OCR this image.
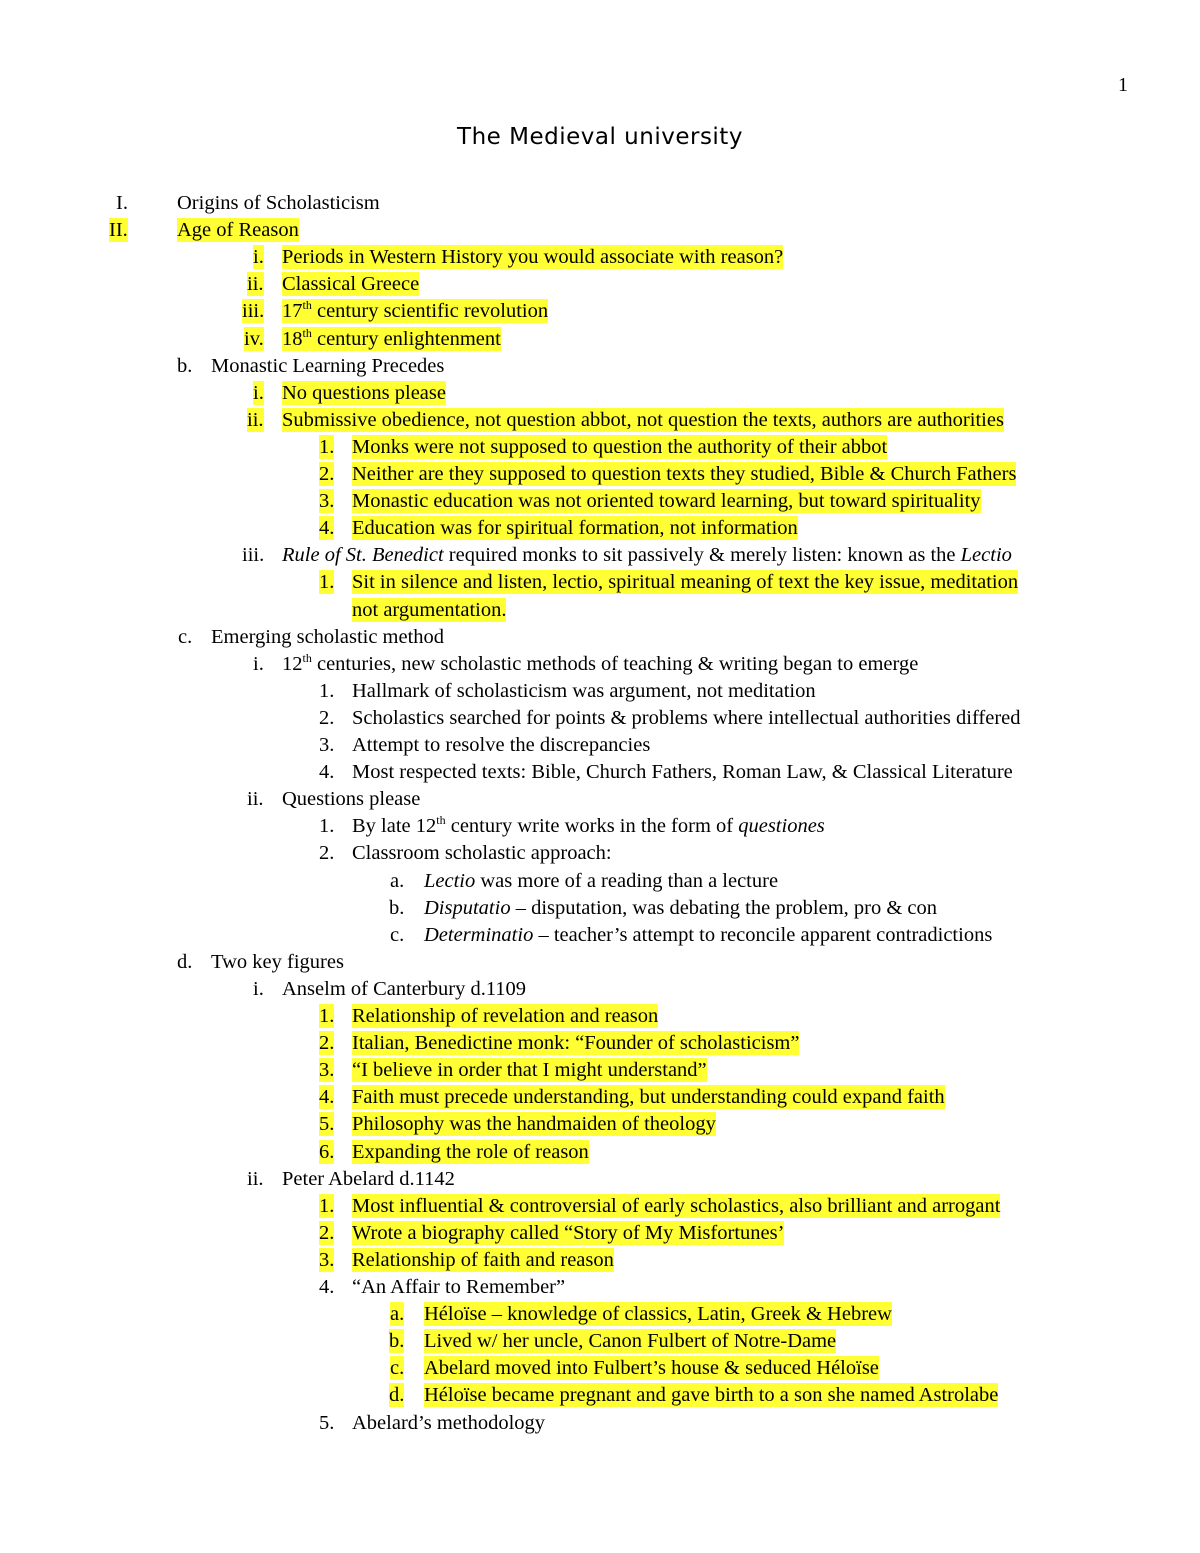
1
The Medieval university
I. Origins of Scholasticism
II. Age of Reason
i. Periods in Western History you would associate with reason?
ii. Classical Greece
iii. 17th century scientific revolution
iv. 18th century enlightenment
b. Monastic Learning Precedes
i. No questions please
ii. Submissive obedience, not question abbot, not question the texts, authors are authorities
1. Monks were not supposed to question the authority of their abbot
2. Neither are they supposed to question texts they studied, Bible & Church Fathers
3. Monastic education was not oriented toward learning, but toward spirituality
4. Education was for spiritual formation, not information
iii. Rule of St. Benedict required monks to sit passively & merely listen: known as the Lectio
1. Sit in silence and listen, lectio, spiritual meaning of text the key issue, meditation
not argumentation.
c. Emerging scholastic method
i. 12th centuries, new scholastic methods of teaching & writing began to emerge
1. Hallmark of scholasticism was argument, not meditation
2. Scholastics searched for points & problems where intellectual authorities differed
3. Attempt to resolve the discrepancies
4. Most respected texts: Bible, Church Fathers, Roman Law, & Classical Literature
ii. Questions please
1. By late 12th century write works in the form of questiones
2. Classroom scholastic approach:
a. Lectio was more of a reading than a lecture
b. Disputatio – disputation, was debating the problem, pro & con
c. Determinatio – teacher’s attempt to reconcile apparent contradictions
d. Two key figures
i. Anselm of Canterbury d.1109
1. Relationship of revelation and reason
2. Italian, Benedictine monk: “Founder of scholasticism”
3. “I believe in order that I might understand”
4. Faith must precede understanding, but understanding could expand faith
5. Philosophy was the handmaiden of theology
6. Expanding the role of reason
ii. Peter Abelard d.1142
1. Most influential & controversial of early scholastics, also brilliant and arrogant
2. Wrote a biography called “Story of My Misfortunes’
3. Relationship of faith and reason
4. “An Affair to Remember”
a. Héloïse – knowledge of classics, Latin, Greek & Hebrew
b. Lived w/ her uncle, Canon Fulbert of Notre-Dame
c. Abelard moved into Fulbert’s house & seduced Héloïse
d. Héloïse became pregnant and gave birth to a son she named Astrolabe
5. Abelard’s methodology
